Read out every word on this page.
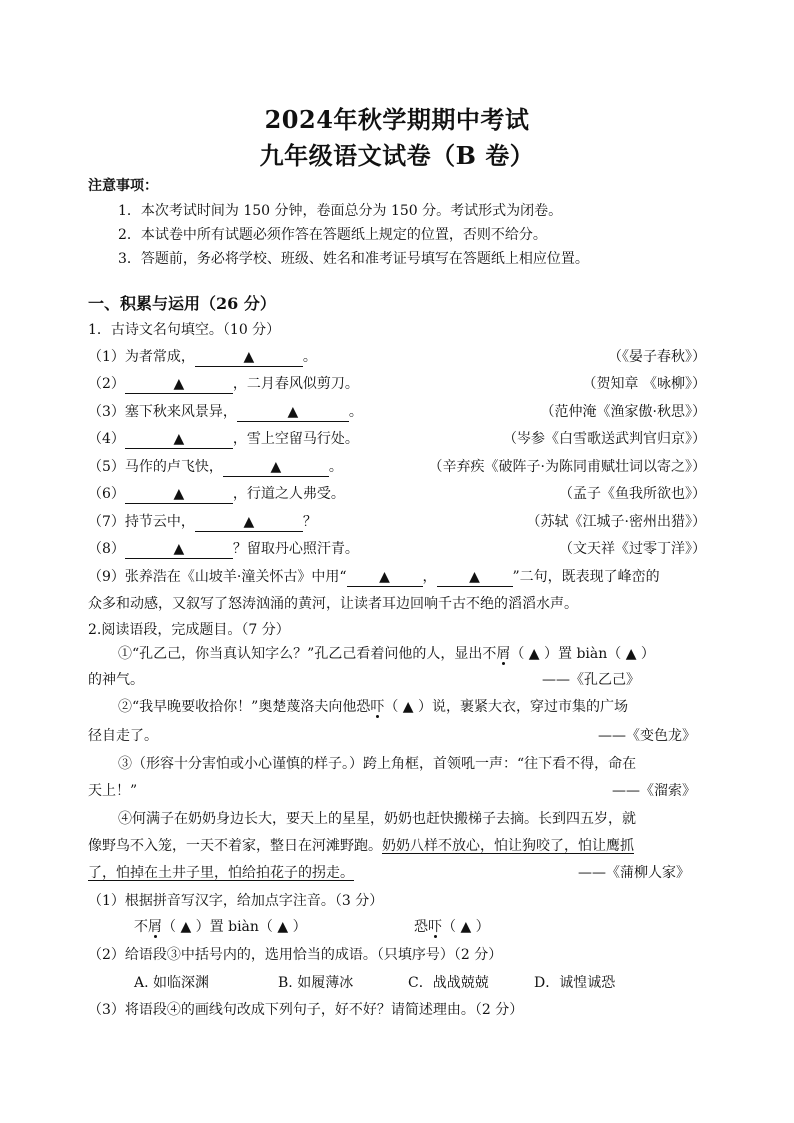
2024年秋学期期中考试
九年级语文试卷（B 卷）
注意事项：
1．本次考试时间为 150 分钟，卷面总分为 150 分。考试形式为闭卷。
2．本试卷中所有试题必须作答在答题纸上规定的位置，否则不给分。
3．答题前，务必将学校、班级、姓名和准考证号填写在答题纸上相应位置。
一、积累与运用（26 分）
1．古诗文名句填空。（10 分）
（1）为者常成，	▲	。	（《晏子春秋》）
（2）	▲	，二月春风似剪刀。	（贺知章 《咏柳》）
（3）塞下秋来风景异，	▲	。	（范仲淹《渔家傲·秋思》）
（4）	▲	，雪上空留马行处。	（岑参《白雪歌送武判官归京》）
（5）马作的卢飞快，	▲	。	（辛弃疾《破阵子·为陈同甫赋壮词以寄之》）
（6）	▲	，行道之人弗受。	（孟子《鱼我所欲也》）
（7）持节云中，	▲	？	（苏轼《江城子·密州出猎》）
（8）	▲	？留取丹心照汗青。	（文天祥《过零丁洋》）
（9）张养浩在《山坡羊·潼关怀古》中用“ ▲ ， ▲ ”二句，既表现了峰峦的
众多和动感，又叙写了怒涛汹涌的黄河，让读者耳边回响千古不绝的滔滔水声。
2.阅读语段，完成题目。（7 分）
①“孔乙己，你当真认知字么？”孔乙己看着问他的人，显出不屑（ ▲ ）置 biàn（ ▲ ）
的神气。	——《孔乙己》
②“我早晚要收拾你！”奥楚蔑洛夫向他恐吓（ ▲ ）说，裹紧大衣，穿过市集的广场
径自走了。	——《变色龙》
③（形容十分害怕或小心谨慎的样子。）跨上角框，首领吼一声：“往下看不得，命在
天上！”	——《溜索》
④何满子在奶奶身边长大，要天上的星星，奶奶也赶快搬梯子去摘。长到四五岁，就
像野鸟不入笼，一天不着家，整日在河滩野跑。奶奶八样不放心，怕让狗咬了，怕让鹰抓
了，怕掉在土井子里，怕给拍花子的拐走。	——《蒲柳人家》
（1）根据拼音写汉字，给加点字注音。（3 分）
不屑（ ▲ ）置 biàn（ ▲ ）	恐吓（ ▲ ）
（2）给语段③中括号内的，选用恰当的成语。（只填序号）（2 分）
A. 如临深渊	B. 如履薄冰	C．战战兢兢	D．诚惶诚恐
（3）将语段④的画线句改成下列句子，好不好？请简述理由。（2 分）
